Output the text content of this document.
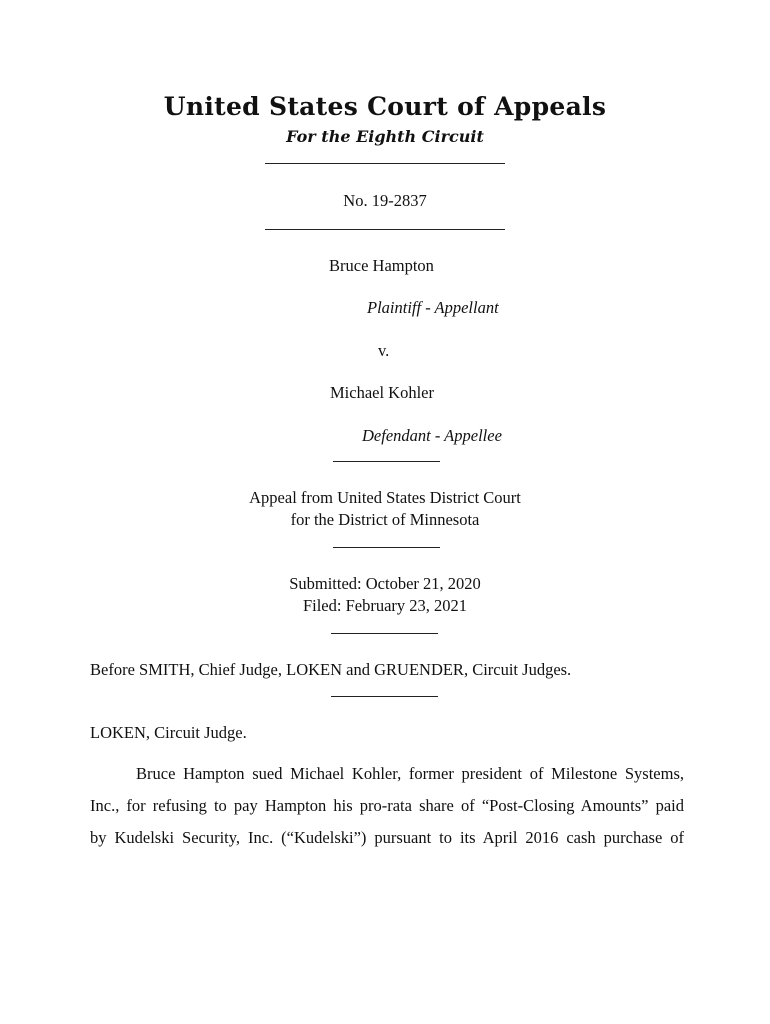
United States Court of Appeals
For the Eighth Circuit
No. 19-2837
Bruce Hampton
Plaintiff - Appellant
v.
Michael Kohler
Defendant - Appellee
Appeal from United States District Court
for the District of Minnesota
Submitted: October 21, 2020
Filed: February 23, 2021
Before SMITH, Chief Judge, LOKEN and GRUENDER, Circuit Judges.
LOKEN, Circuit Judge.
Bruce Hampton sued Michael Kohler, former president of Milestone Systems,
Inc., for refusing to pay Hampton his pro-rata share of “Post-Closing Amounts” paid
by Kudelski Security, Inc. (“Kudelski”) pursuant to its April 2016 cash purchase of
